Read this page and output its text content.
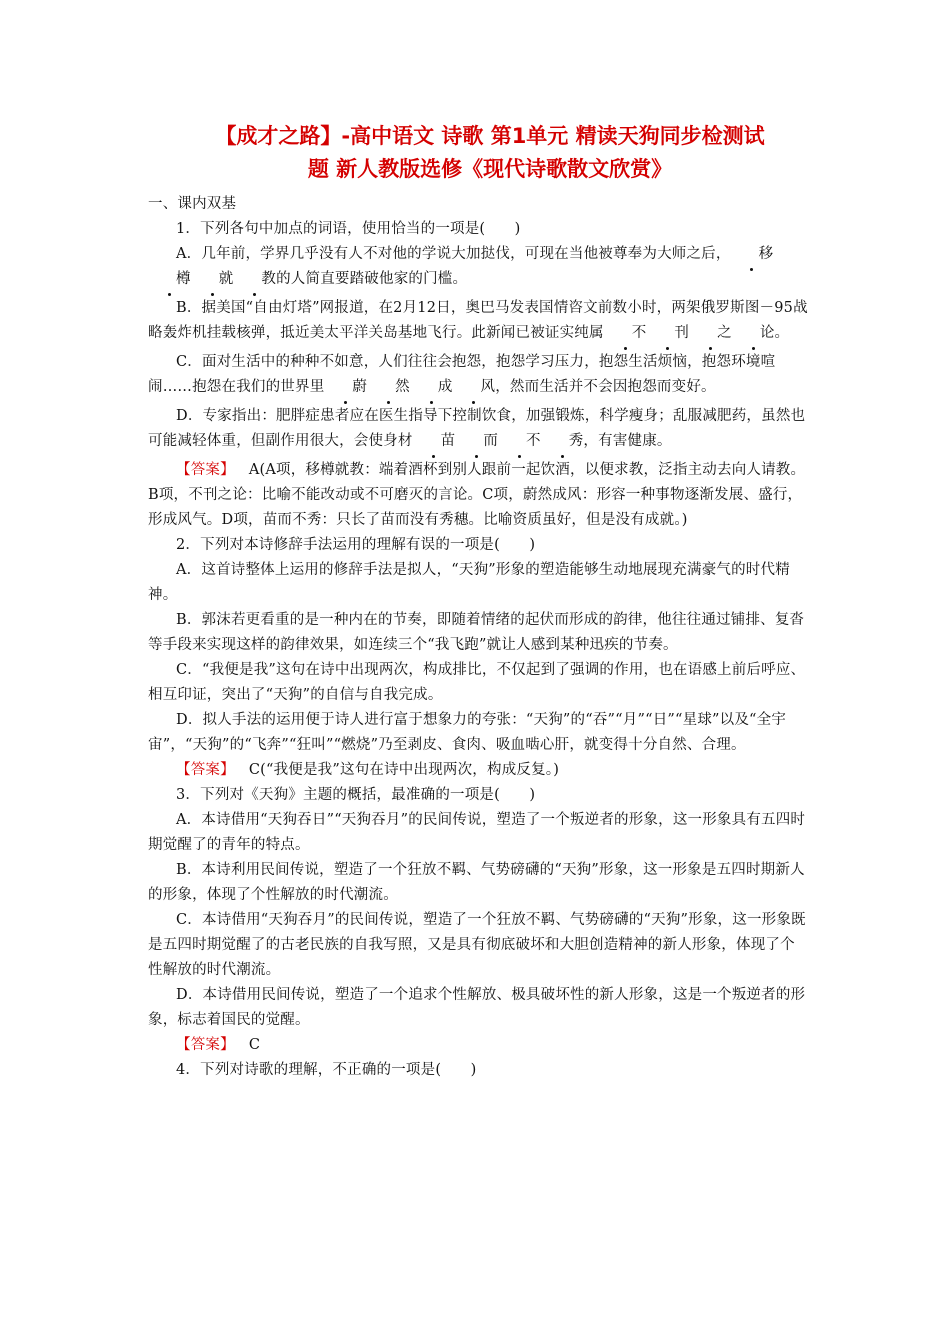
【成才之路】-高中语文 诗歌 第1单元 精读天狗同步检测试
题 新人教版选修《现代诗歌散文欣赏》

一、课内双基

1．下列各句中加点的词语，使用恰当的一项是(　　)

A．几年前，学界几乎没有人不对他的学说大加挞伐，可现在当他被尊奉为大师之后， 移樽 就 教的人简直要踏破他家的门槛。

B．据美国“自由灯塔”网报道，在2月12日，奥巴马发表国情咨文前数小时，两架俄罗斯图－95战略轰炸机挂载核弹，抵近美太平洋关岛基地飞行。此新闻已被证实纯属 不 刊 之 论。

C．面对生活中的种种不如意，人们往往会抱怨，抱怨学习压力，抱怨生活烦恼，抱怨环境喧闹……抱怨在我们的世界里 蔚 然 成 风，然而生活并不会因抱怨而变好。

D．专家指出：肥胖症患者应在医生指导下控制饮食，加强锻炼，科学瘦身；乱服减肥药，虽然也可能减轻体重，但副作用很大，会使身材 苗 而 不 秀，有害健康。

【答案】 A(A项，移樽就教：端着酒杯到别人跟前一起饮酒，以便求教，泛指主动去向人请教。B项，不刊之论：比喻不能改动或不可磨灭的言论。C项，蔚然成风：形容一种事物逐渐发展、盛行，形成风气。D项，苗而不秀：只长了苗而没有秀穗。比喻资质虽好，但是没有成就。)

2．下列对本诗修辞手法运用的理解有误的一项是(　　)

A．这首诗整体上运用的修辞手法是拟人，“天狗”形象的塑造能够生动地展现充满豪气的时代精神。

B．郭沫若更看重的是一种内在的节奏，即随着情绪的起伏而形成的韵律，他往往通过铺排、复沓等手段来实现这样的韵律效果，如连续三个“我飞跑”就让人感到某种迅疾的节奏。

C．“我便是我”这句在诗中出现两次，构成排比，不仅起到了强调的作用，也在语感上前后呼应、相互印证，突出了“天狗”的自信与自我完成。

D．拟人手法的运用便于诗人进行富于想象力的夸张：“天狗”的“吞”“月”“日”“星球”以及“全宇宙”，“天狗”的“飞奔”“狂叫”“燃烧”乃至剥皮、食肉、吸血啮心肝，就变得十分自然、合理。

【答案】 C(“我便是我”这句在诗中出现两次，构成反复。)

3．下列对《天狗》主题的概括，最准确的一项是(　　)

A．本诗借用“天狗吞日”“天狗吞月”的民间传说，塑造了一个叛逆者的形象，这一形象具有五四时期觉醒了的青年的特点。

B．本诗利用民间传说，塑造了一个狂放不羁、气势磅礴的“天狗”形象，这一形象是五四时期新人的形象，体现了个性解放的时代潮流。

C．本诗借用“天狗吞月”的民间传说，塑造了一个狂放不羁、气势磅礴的“天狗”形象，这一形象既是五四时期觉醒了的古老民族的自我写照，又是具有彻底破坏和大胆创造精神的新人形象，体现了个性解放的时代潮流。

D．本诗借用民间传说，塑造了一个追求个性解放、极具破坏性的新人形象，这是一个叛逆者的形象，标志着国民的觉醒。

【答案】 C

4．下列对诗歌的理解，不正确的一项是(　　)
